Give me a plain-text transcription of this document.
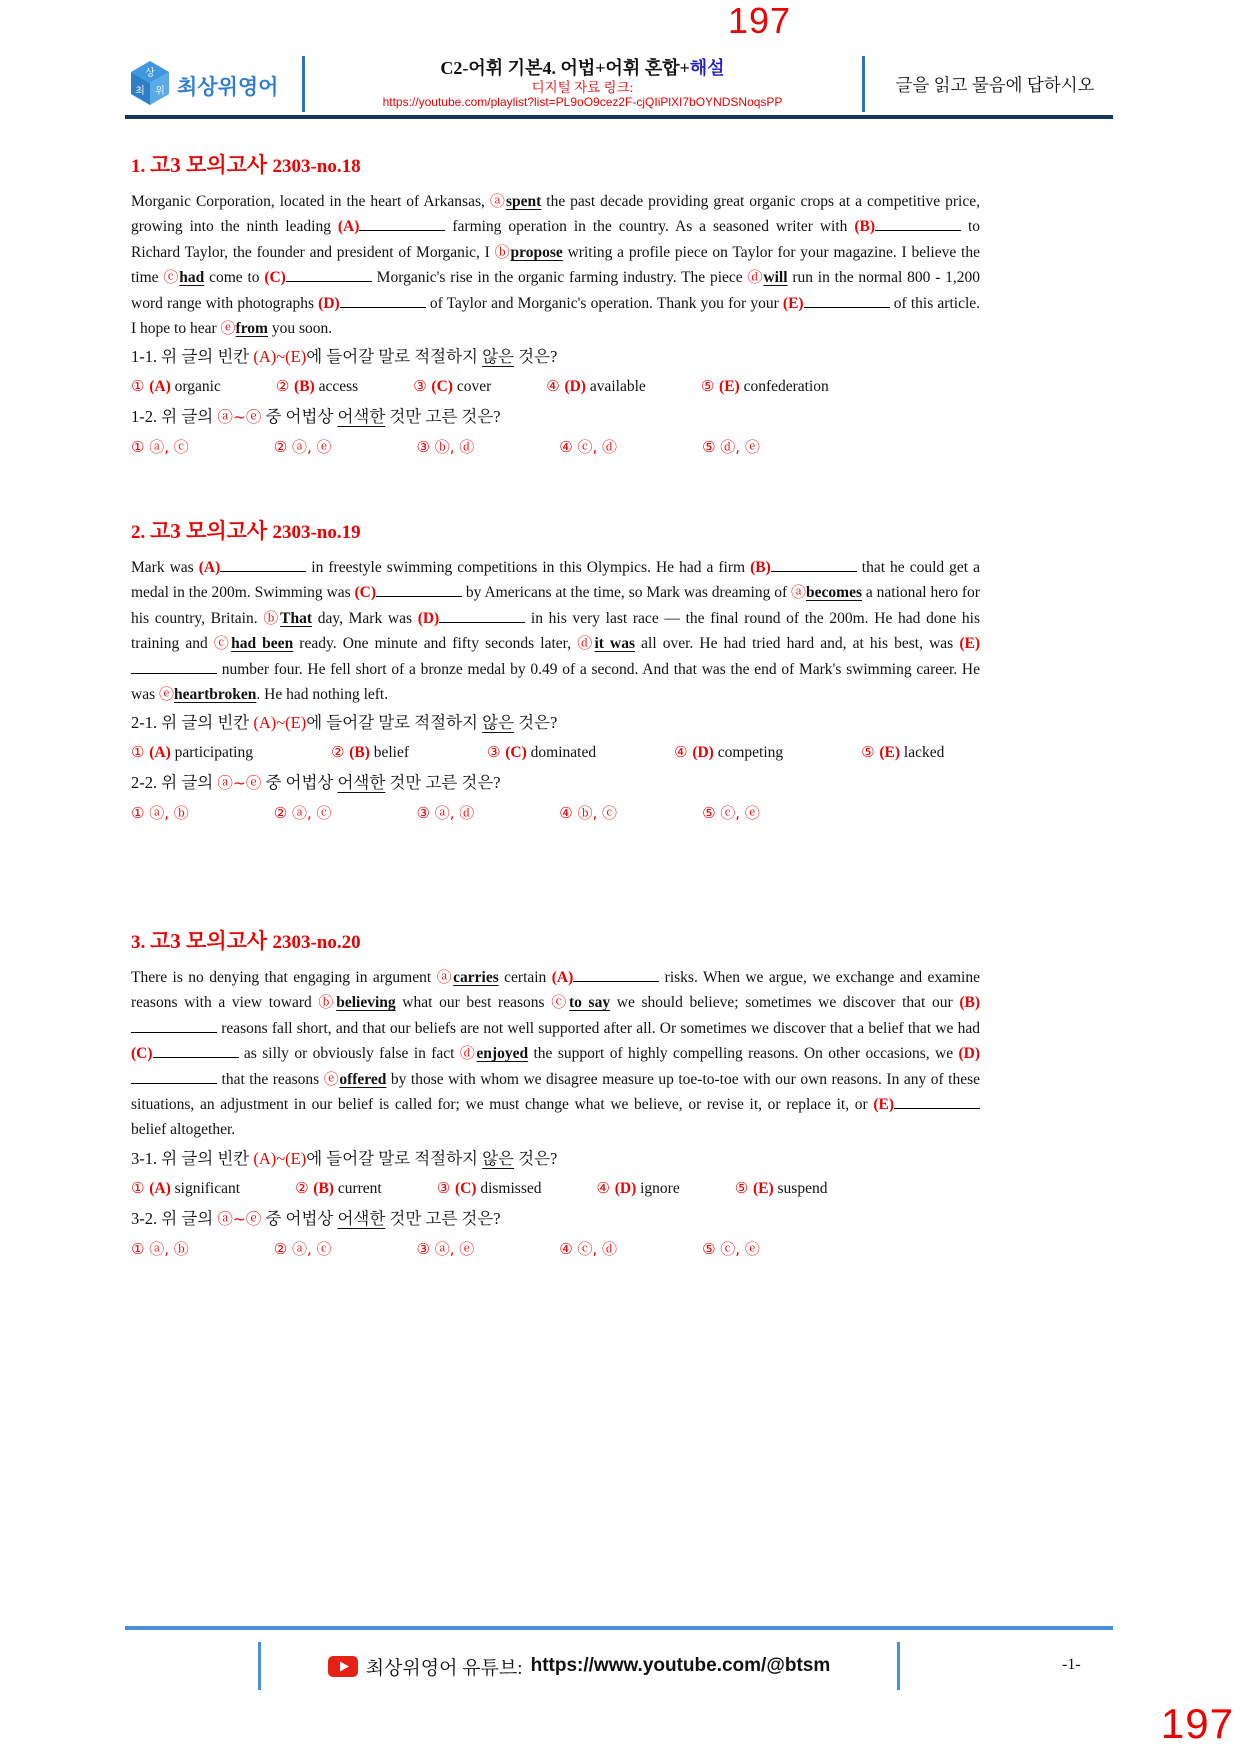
197
상
최 위 최상위영어
C2-어휘 기본4. 어법+어휘 혼합+해설
디지털 자료 링크:
https://youtube.com/playlist?list=PL9oO9cez2F-cjQIiPlXI7bOYNDSNoqsPP
글을 읽고 물음에 답하시오
1. 고3 모의고사 2303-no.18

Morganic Corporation, located in the heart of Arkansas, ⓐspent the past decade providing great organic crops at a competitive price, growing into the ninth leading (A)	farming operation in the country. As a seasoned writer with (B)	to Richard Taylor, the founder and president of Morganic, I ⓑpropose writing a profile piece on Taylor for your magazine. I believe the time ⓒhad come to (C)	Morganic's rise in the organic farming industry. The piece ⓓwill run in the normal 800 - 1,200 word range with photographs (D)	of Taylor and Morganic's operation. Thank you for your (E)	of this article. I hope to hear ⓔfrom you soon.

1-1. 위 글의 빈칸 (A)~(E)에 들어갈 말로 적절하지 않은 것은?
① (A) organic	② (B) access	③ (C) cover	④ (D) available	⑤ (E) confederation
1-2. 위 글의 ⓐ~ⓔ 중 어법상 어색한 것만 고른 것은?
① ⓐ, ⓒ	② ⓐ, ⓔ	③ ⓑ, ⓓ	④ ⓒ, ⓓ	⑤ ⓓ, ⓔ
2. 고3 모의고사 2303-no.19

Mark was (A)	in freestyle swimming competitions in this Olympics. He had a firm (B)	that he could get a medal in the 200m. Swimming was (C)	by Americans at the time, so Mark was dreaming of ⓐbecomes a national hero for his country, Britain. ⓑThat day, Mark was (D)	in his very last race — the final round of the 200m. He had done his training and ⓒhad been ready. One minute and fifty seconds later, ⓓit was all over. He had tried hard and, at his best, was (E) number four. He fell short of a bronze medal by 0.49 of a second. And that was the end of Mark's swimming career. He was ⓔheartbroken. He had nothing left.

2-1. 위 글의 빈칸 (A)~(E)에 들어갈 말로 적절하지 않은 것은?
① (A) participating	② (B) belief	③ (C) dominated	④ (D) competing	⑤ (E) lacked
2-2. 위 글의 ⓐ~ⓔ 중 어법상 어색한 것만 고른 것은?
① ⓐ, ⓑ	② ⓐ, ⓒ	③ ⓐ, ⓓ	④ ⓑ, ⓒ	⑤ ⓒ, ⓔ
3. 고3 모의고사 2303-no.20

There is no denying that engaging in argument ⓐcarries certain (A)	risks. When we argue, we exchange and examine reasons with a view toward ⓑbelieving what our best reasons ⓒto say we should believe; sometimes we discover that our (B) reasons fall short, and that our beliefs are not well supported after all. Or sometimes we discover that a belief that we had (C)	as silly or obviously false in fact ⓓenjoyed the support of highly compelling reasons. On other occasions, we (D) that the reasons ⓔoffered by those with whom we disagree measure up toe-to-toe with our own reasons. In any of these situations, an adjustment in our belief is called for; we must change what we believe, or revise it, or replace it, or (E) belief altogether.

3-1. 위 글의 빈칸 (A)~(E)에 들어갈 말로 적절하지 않은 것은?
① (A) significant	② (B) current	③ (C) dismissed	④ (D) ignore	⑤ (E) suspend
3-2. 위 글의 ⓐ~ⓔ 중 어법상 어색한 것만 고른 것은?
① ⓐ, ⓑ	② ⓐ, ⓒ	③ ⓐ, ⓔ	④ ⓒ, ⓓ	⑤ ⓒ, ⓔ
최상위영어 유튜브: https://www.youtube.com/@btsm	-1-
197
